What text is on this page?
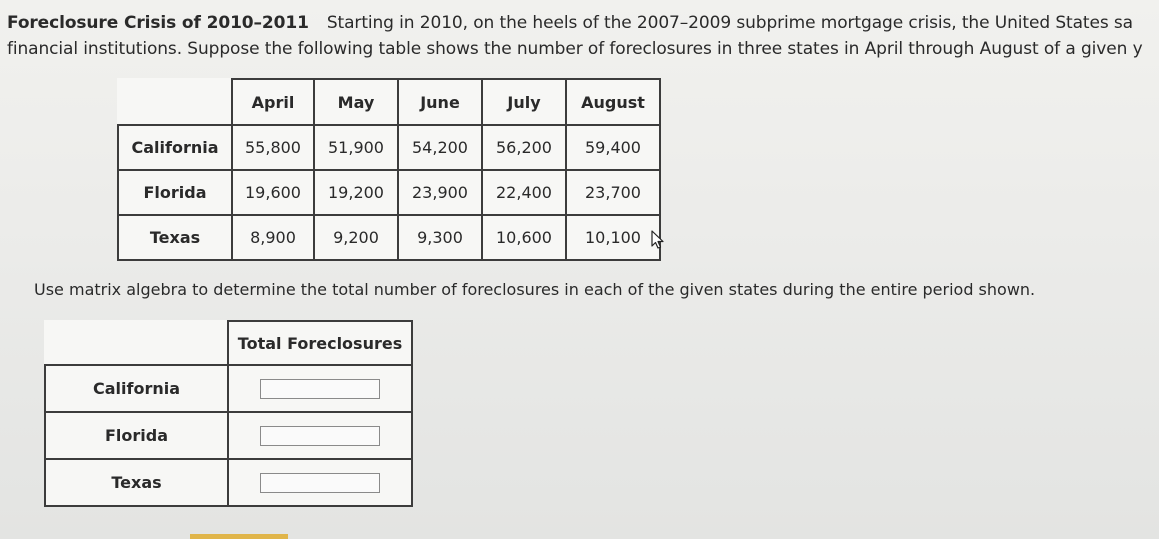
Foreclosure Crisis of 2010–2011 Starting in 2010, on the heels of the 2007–2009 subprime mortgage crisis, the United States sa
financial institutions. Suppose the following table shows the number of foreclosures in three states in April through August of a given y
	April	May	June	July	August
California	55,800	51,900	54,200	56,200	59,400
Florida	19,600	19,200	23,900	22,400	23,700
Texas	8,900	9,200	9,300	10,600	10,100
Use matrix algebra to determine the total number of foreclosures in each of the given states during the entire period shown.
	Total Foreclosures
California	
Florida	
Texas	
